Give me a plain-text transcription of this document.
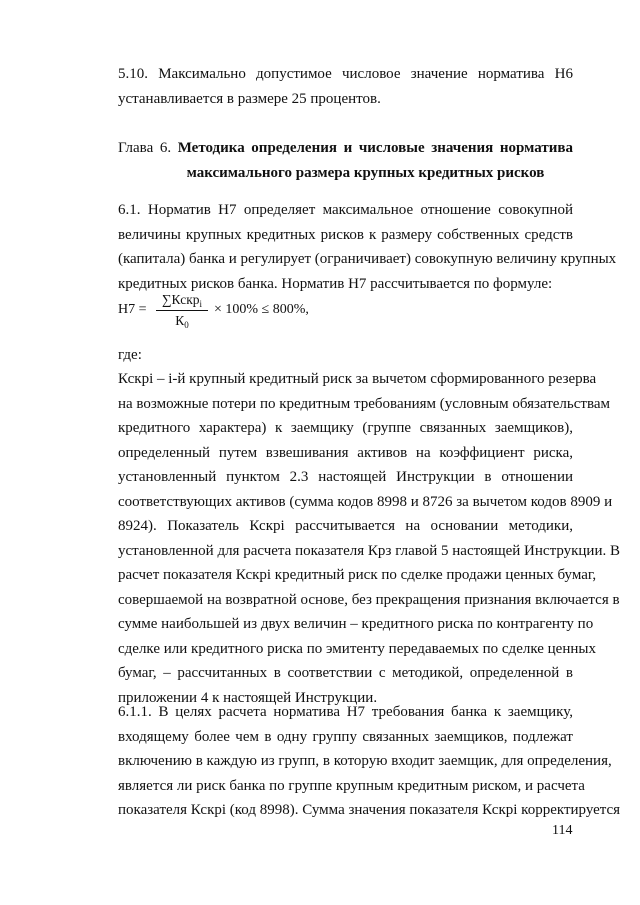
5.10. Максимально допустимое числовое значение норматива Н6
устанавливается в размере 25 процентов.
Глава 6. Методика определения и числовые значения норматива
максимального размера крупных кредитных рисков
6.1. Норматив Н7 определяет максимальное отношение совокупной
величины крупных кредитных рисков к размеру собственных средств
(капитала) банка и регулирует (ограничивает) совокупную величину крупных
кредитных рисков банка. Норматив Н7 рассчитывается по формуле:
Н7 =
∑Кскр$_i$
$К_0$
× 100% ≤ 800%,
где:
Кскрi – i-й крупный кредитный риск за вычетом сформированного резерва
на возможные потери по кредитным требованиям (условным обязательствам
кредитного характера) к заемщику (группе связанных заемщиков),
определенный путем взвешивания активов на коэффициент риска,
установленный пунктом 2.3 настоящей Инструкции в отношении
соответствующих активов (сумма кодов 8998 и 8726 за вычетом кодов 8909 и
8924). Показатель Кскрi рассчитывается на основании методики,
установленной для расчета показателя Крз главой 5 настоящей Инструкции. В
расчет показателя Кскрi кредитный риск по сделке продажи ценных бумаг,
совершаемой на возвратной основе, без прекращения признания включается в
сумме наибольшей из двух величин – кредитного риска по контрагенту по
сделке или кредитного риска по эмитенту передаваемых по сделке ценных
бумаг, – рассчитанных в соответствии с методикой, определенной в
приложении 4 к настоящей Инструкции.
6.1.1. В целях расчета норматива Н7 требования банка к заемщику,
входящему более чем в одну группу связанных заемщиков, подлежат
включению в каждую из групп, в которую входит заемщик, для определения,
является ли риск банка по группе крупным кредитным риском, и расчета
показателя Кскрi (код 8998). Сумма значения показателя Кскрi корректируется
114
